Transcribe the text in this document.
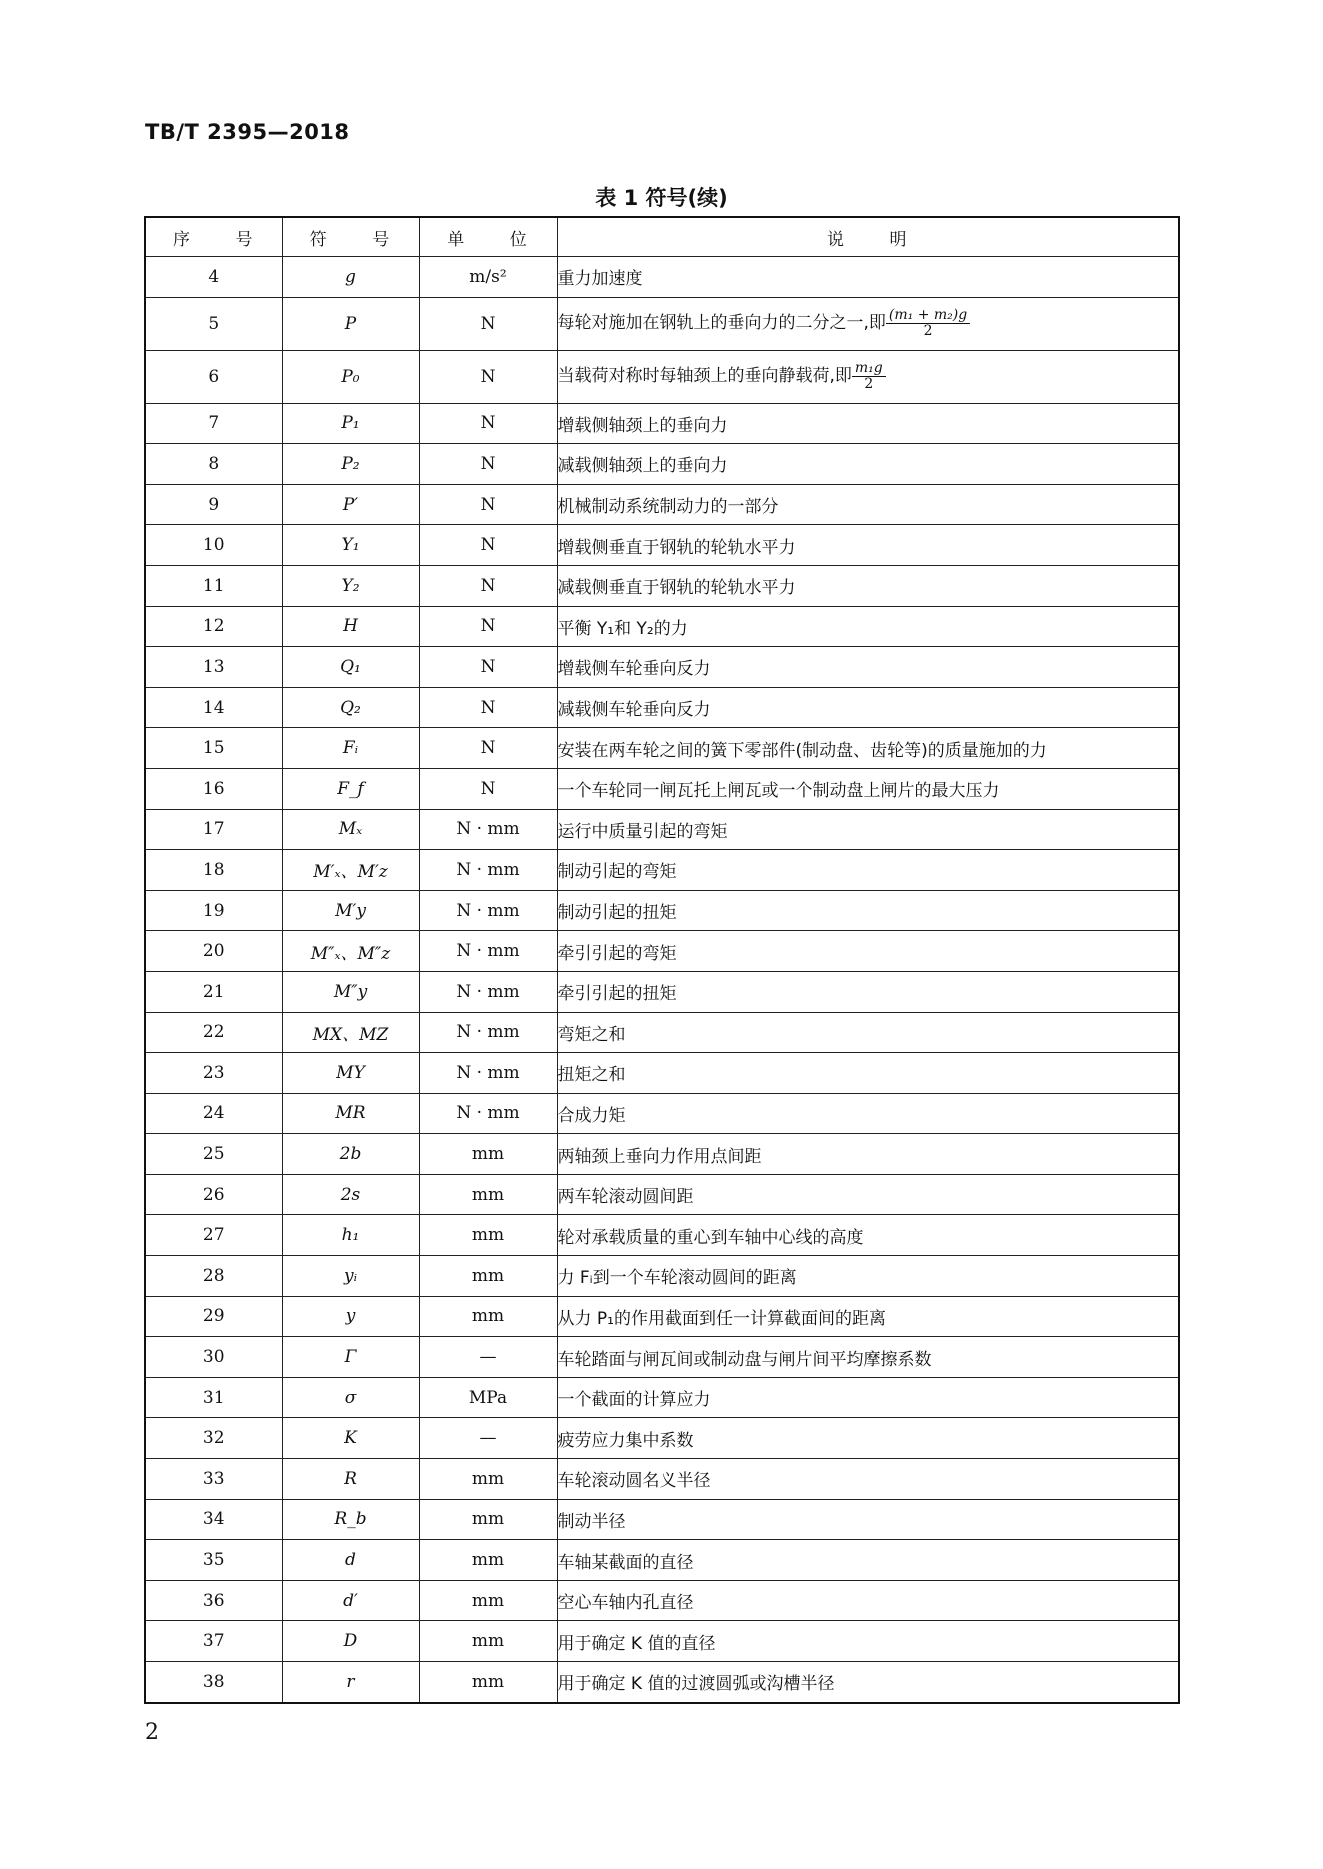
TB/T 2395—2018
表 1 符号(续)
序 号	符 号	单 位	说 明
4	g	m/s²	重力加速度
5	P	N	每轮对施加在钢轨上的垂向力的二分之一,即 $\frac{\text{(m₁ + m₂)g}}{2}$

6	P₀	N	当载荷对称时每轴颈上的垂向静载荷,即 $\frac{\text{m₁g}}{2}$

7	P₁	N	增载侧轴颈上的垂向力
8	P₂	N	减载侧轴颈上的垂向力
9	P′	N	机械制动系统制动力的一部分
10	Y₁	N	增载侧垂直于钢轨的轮轨水平力
11	Y₂	N	减载侧垂直于钢轨的轮轨水平力
12	H	N	平衡 Y₁和 Y₂的力
13	Q₁	N	增载侧车轮垂向反力
14	Q₂	N	减载侧车轮垂向反力
15	Fᵢ	N	安装在两车轮之间的簧下零部件(制动盘、齿轮等)的质量施加的力
16	F_f	N	一个车轮同一闸瓦托上闸瓦或一个制动盘上闸片的最大压力
17	Mₓ	N · mm	运行中质量引起的弯矩
18	M′ₓ、M′z	N · mm	制动引起的弯矩
19	M′y	N · mm	制动引起的扭矩
20	M″ₓ、M″z	N · mm	牵引引起的弯矩
21	M″y	N · mm	牵引引起的扭矩
22	MX、MZ	N · mm	弯矩之和
23	MY	N · mm	扭矩之和
24	MR	N · mm	合成力矩
25	2b	mm	两轴颈上垂向力作用点间距
26	2s	mm	两车轮滚动圆间距
27	h₁	mm	轮对承载质量的重心到车轴中心线的高度
28	yᵢ	mm	力 Fᵢ到一个车轮滚动圆间的距离
29	y	mm	从力 P₁的作用截面到任一计算截面间的距离
30	Γ	—	车轮踏面与闸瓦间或制动盘与闸片间平均摩擦系数
31	σ	MPa	一个截面的计算应力
32	K	—	疲劳应力集中系数
33	R	mm	车轮滚动圆名义半径
34	R_b	mm	制动半径
35	d	mm	车轴某截面的直径
36	d′	mm	空心车轴内孔直径
37	D	mm	用于确定 K 值的直径
38	r	mm	用于确定 K 值的过渡圆弧或沟槽半径
2
